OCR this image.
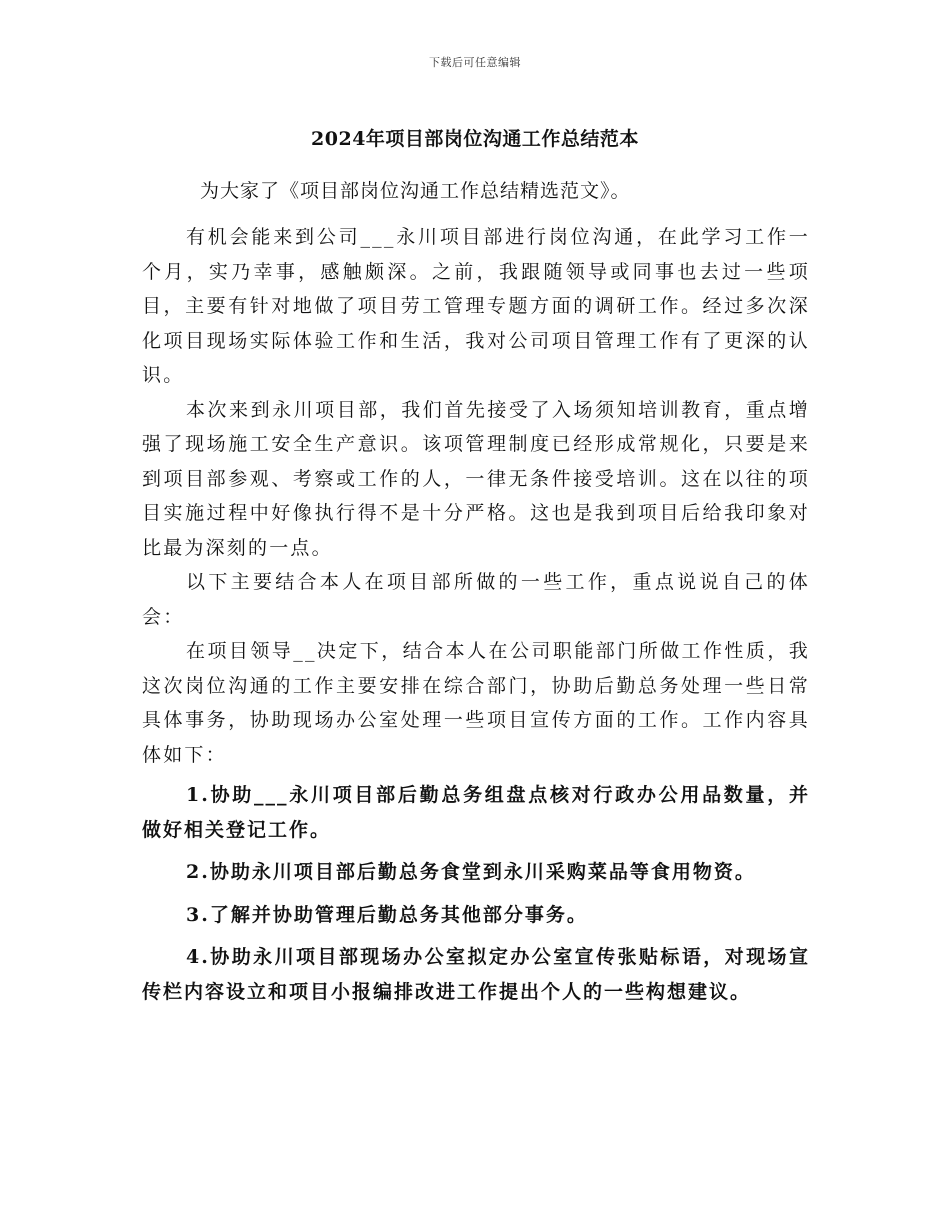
下载后可任意编辑
2024年项目部岗位沟通工作总结范本

为大家了《项目部岗位沟通工作总结精选范文》。

有机会能来到公司___永川项目部进行岗位沟通，在此学习工作一个月，实乃幸事，感触颇深。之前，我跟随领导或同事也去过一些项目，主要有针对地做了项目劳工管理专题方面的调研工作。经过多次深化项目现场实际体验工作和生活，我对公司项目管理工作有了更深的认识。

本次来到永川项目部，我们首先接受了入场须知培训教育，重点增强了现场施工安全生产意识。该项管理制度已经形成常规化，只要是来到项目部参观、考察或工作的人，一律无条件接受培训。这在以往的项目实施过程中好像执行得不是十分严格。这也是我到项目后给我印象对比最为深刻的一点。

以下主要结合本人在项目部所做的一些工作，重点说说自己的体会：

在项目领导__决定下，结合本人在公司职能部门所做工作性质，我这次岗位沟通的工作主要安排在综合部门，协助后勤总务处理一些日常具体事务，协助现场办公室处理一些项目宣传方面的工作。工作内容具体如下：

1.协助___永川项目部后勤总务组盘点核对行政办公用品数量，并做好相关登记工作。

2.协助永川项目部后勤总务食堂到永川采购菜品等食用物资。

3.了解并协助管理后勤总务其他部分事务。

4.协助永川项目部现场办公室拟定办公室宣传张贴标语，对现场宣传栏内容设立和项目小报编排改进工作提出个人的一些构想建议。
